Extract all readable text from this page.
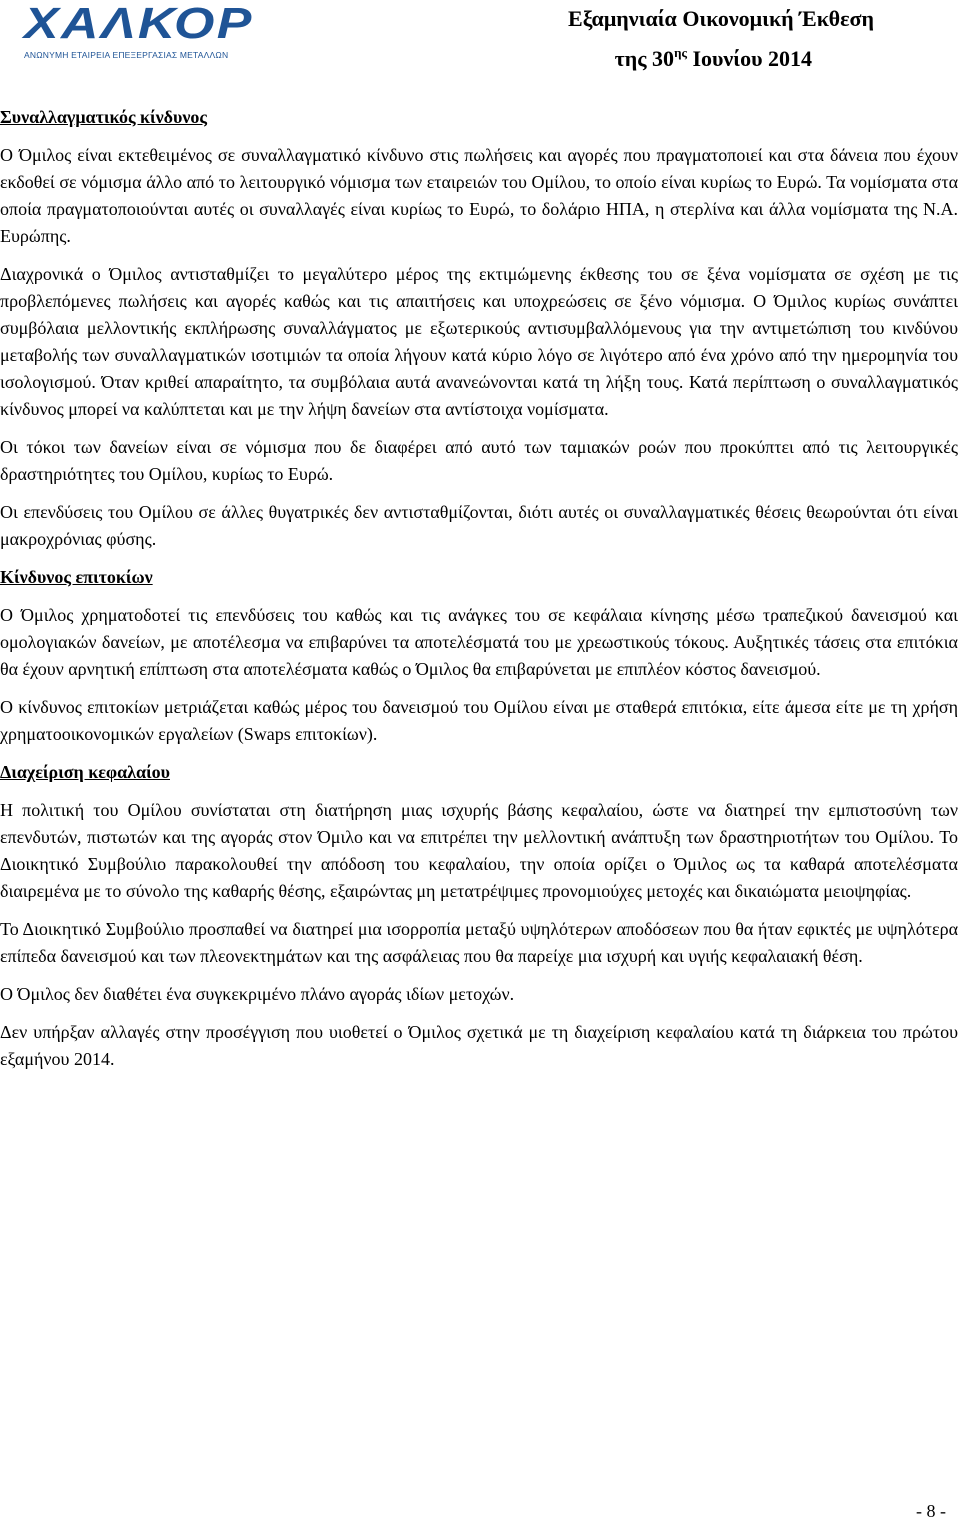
ΧΑΛΚΟΡ
ΑΝΩΝΥΜΗ ΕΤΑΙΡΕΙΑ ΕΠΕΞΕΡΓΑΣΙΑΣ ΜΕΤΑΛΛΩΝ
Εξαμηνιαία Οικονομική Έκθεση
της $30^{\eta\varsigma}$ Ιουνίου 2014
Συναλλαγματικός κίνδυνος

Ο Όμιλος είναι εκτεθειμένος σε συναλλαγματικό κίνδυνο στις πωλήσεις και αγορές που πραγματοποιεί και στα δάνεια που έχουν εκδοθεί σε νόμισμα άλλο από το λειτουργικό νόμισμα των εταιρειών του Ομίλου, το οποίο είναι κυρίως το Ευρώ. Τα νομίσματα στα οποία πραγματοποιούνται αυτές οι συναλλαγές είναι κυρίως το Ευρώ, το δολάριο ΗΠΑ, η στερλίνα και άλλα νομίσματα της Ν.Α. Ευρώπης.

Διαχρονικά ο Όμιλος αντισταθμίζει το μεγαλύτερο μέρος της εκτιμώμενης έκθεσης του σε ξένα νομίσματα σε σχέση με τις προβλεπόμενες πωλήσεις και αγορές καθώς και τις απαιτήσεις και υποχρεώσεις σε ξένο νόμισμα. Ο Όμιλος κυρίως συνάπτει συμβόλαια μελλοντικής εκπλήρωσης συναλλάγματος με εξωτερικούς αντισυμβαλλόμενους για την αντιμετώπιση του κινδύνου μεταβολής των συναλλαγματικών ισοτιμιών τα οποία λήγουν κατά κύριο λόγο σε λιγότερο από ένα χρόνο από την ημερομηνία του ισολογισμού. Όταν κριθεί απαραίτητο, τα συμβόλαια αυτά ανανεώνονται κατά τη λήξη τους. Κατά περίπτωση ο συναλλαγματικός κίνδυνος μπορεί να καλύπτεται και με την λήψη δανείων στα αντίστοιχα νομίσματα.

Οι τόκοι των δανείων είναι σε νόμισμα που δε διαφέρει από αυτό των ταμιακών ροών που προκύπτει από τις λειτουργικές δραστηριότητες του Ομίλου, κυρίως το Ευρώ.

Οι επενδύσεις του Ομίλου σε άλλες θυγατρικές δεν αντισταθμίζονται, διότι αυτές οι συναλλαγματικές θέσεις θεωρούνται ότι είναι μακροχρόνιας φύσης.

Κίνδυνος επιτοκίων

Ο Όμιλος χρηματοδοτεί τις επενδύσεις του καθώς και τις ανάγκες του σε κεφάλαια κίνησης μέσω τραπεζικού δανεισμού και ομολογιακών δανείων, με αποτέλεσμα να επιβαρύνει τα αποτελέσματά του με χρεωστικούς τόκους. Αυξητικές τάσεις στα επιτόκια θα έχουν αρνητική επίπτωση στα αποτελέσματα καθώς ο Όμιλος θα επιβαρύνεται με επιπλέον κόστος δανεισμού.

Ο κίνδυνος επιτοκίων μετριάζεται καθώς μέρος του δανεισμού του Ομίλου είναι με σταθερά επιτόκια, είτε άμεσα είτε με τη χρήση χρηματοοικονομικών εργαλείων (Swaps επιτοκίων).

Διαχείριση κεφαλαίου

Η πολιτική του Ομίλου συνίσταται στη διατήρηση μιας ισχυρής βάσης κεφαλαίου, ώστε να διατηρεί την εμπιστοσύνη των επενδυτών, πιστωτών και της αγοράς στον Όμιλο και να επιτρέπει την μελλοντική ανάπτυξη των δραστηριοτήτων του Ομίλου. Το Διοικητικό Συμβούλιο παρακολουθεί την απόδοση του κεφαλαίου, την οποία ορίζει ο Όμιλος ως τα καθαρά αποτελέσματα διαιρεμένα με το σύνολο της καθαρής θέσης, εξαιρώντας μη μετατρέψιμες προνομιούχες μετοχές και δικαιώματα μειοψηφίας.

Το Διοικητικό Συμβούλιο προσπαθεί να διατηρεί μια ισορροπία μεταξύ υψηλότερων αποδόσεων που θα ήταν εφικτές με υψηλότερα επίπεδα δανεισμού και των πλεονεκτημάτων και της ασφάλειας που θα παρείχε μια ισχυρή και υγιής κεφαλαιακή θέση.

Ο Όμιλος δεν διαθέτει ένα συγκεκριμένο πλάνο αγοράς ιδίων μετοχών.

Δεν υπήρξαν αλλαγές στην προσέγγιση που υιοθετεί ο Όμιλος σχετικά με τη διαχείριση κεφαλαίου κατά τη διάρκεια του πρώτου εξαμήνου 2014.

- 8 -
